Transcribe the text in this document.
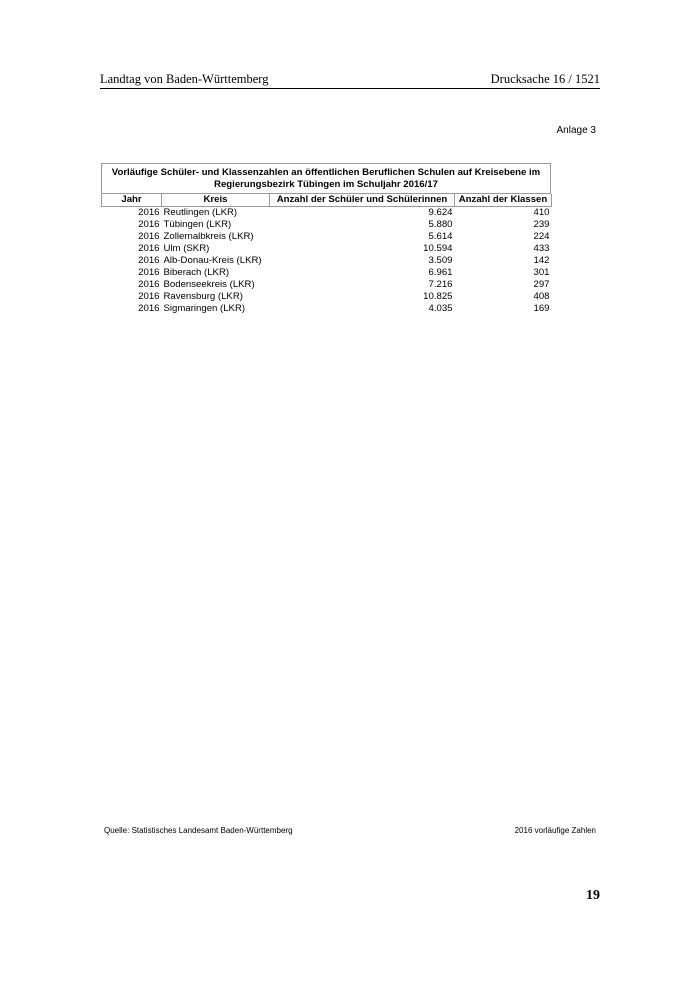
Landtag von Baden-Württemberg	Drucksache 16 / 1521
Anlage 3
Vorläufige Schüler- und Klassenzahlen an öffentlichen Beruflichen Schulen auf Kreisebene im
Regierungsbezirk Tübingen im Schuljahr 2016/17
Jahr	Kreis	Anzahl der Schüler und Schülerinnen	Anzahl der Klassen
2016	Reutlingen (LKR)	9.624	410
2016	Tübingen (LKR)	5.880	239
2016	Zollernalbkreis (LKR)	5.614	224
2016	Ulm (SKR)	10.594	433
2016	Alb-Donau-Kreis (LKR)	3.509	142
2016	Biberach (LKR)	6.961	301
2016	Bodenseekreis (LKR)	7.216	297
2016	Ravensburg (LKR)	10.825	408
2016	Sigmaringen (LKR)	4.035	169
Quelle: Statistisches Landesamt Baden-Württemberg	2016 vorläufige Zahlen
19
